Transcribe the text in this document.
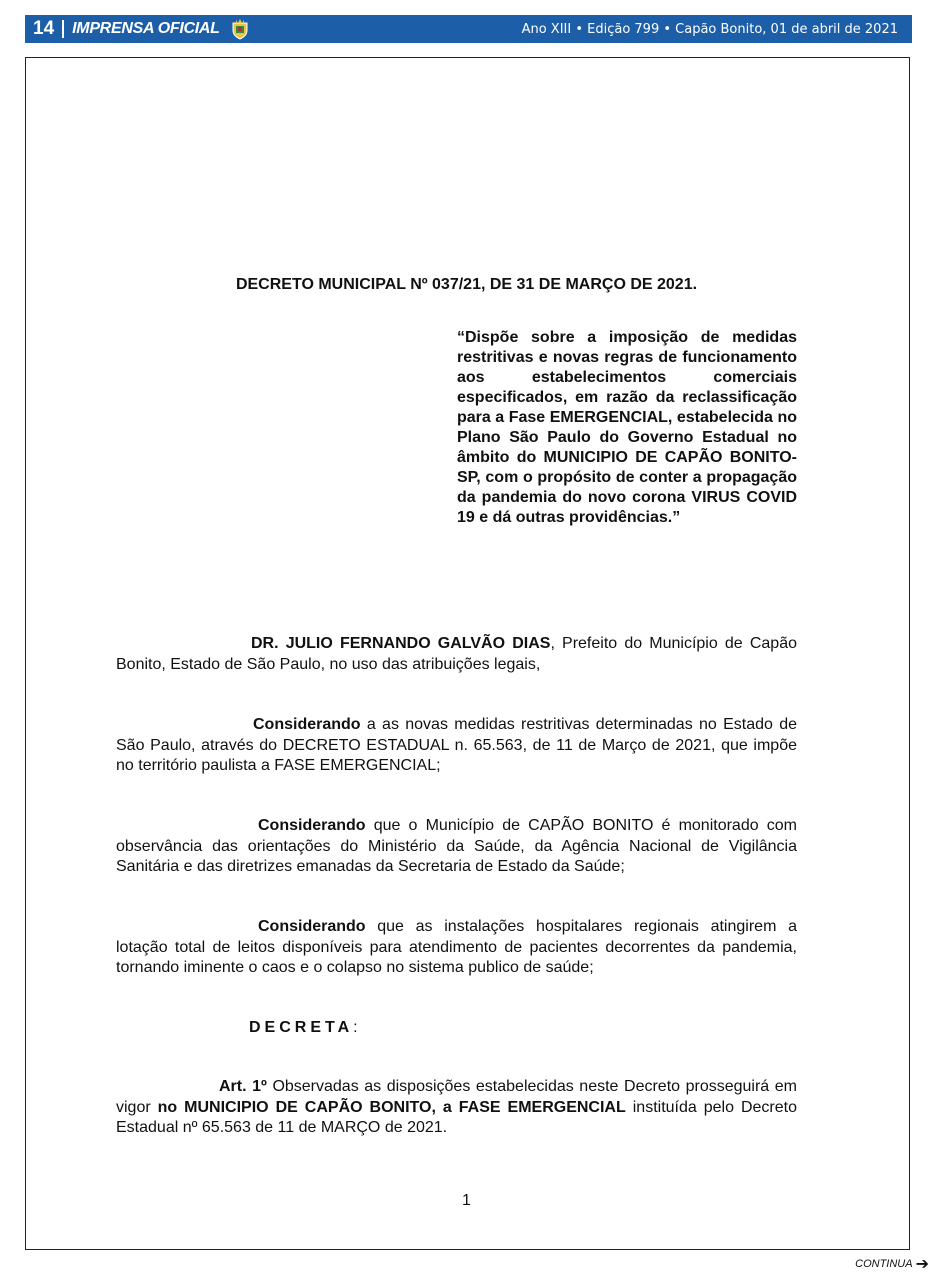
14 IMPRENSA OFICIAL	Ano XIII • Edição 799 • Capão Bonito, 01 de abril de 2021
DECRETO MUNICIPAL Nº 037/21, DE 31 DE MARÇO DE 2021.
“Dispõe sobre a imposição de medidas restritivas e novas regras de funcionamento aos estabelecimentos comerciais especificados, em razão da reclassificação para a Fase EMERGENCIAL, estabelecida no Plano São Paulo do Governo Estadual no âmbito do MUNICIPIO DE CAPÃO BONITO-SP, com o propósito de conter a propagação da pandemia do novo corona VIRUS COVID 19 e dá outras providências.”
DR. JULIO FERNANDO GALVÃO DIAS, Prefeito do Município de Capão Bonito, Estado de São Paulo, no uso das atribuições legais,
Considerando a as novas medidas restritivas determinadas no Estado de São Paulo, através do DECRETO ESTADUAL n. 65.563, de 11 de Março de 2021, que impõe no território paulista a FASE EMERGENCIAL;
Considerando que o Município de CAPÃO BONITO é monitorado com observância das orientações do Ministério da Saúde, da Agência Nacional de Vigilância Sanitária e das diretrizes emanadas da Secretaria de Estado da Saúde;
Considerando que as instalações hospitalares regionais atingirem a lotação total de leitos disponíveis para atendimento de pacientes decorrentes da pandemia, tornando iminente o caos e o colapso no sistema publico de saúde;
DECRETA:
Art. 1º Observadas as disposições estabelecidas neste Decreto prosseguirá em vigor no MUNICIPIO DE CAPÃO BONITO, a FASE EMERGENCIAL instituída pelo Decreto Estadual nº 65.563 de 11 de MARÇO de 2021.
1
CONTINUA ➔
